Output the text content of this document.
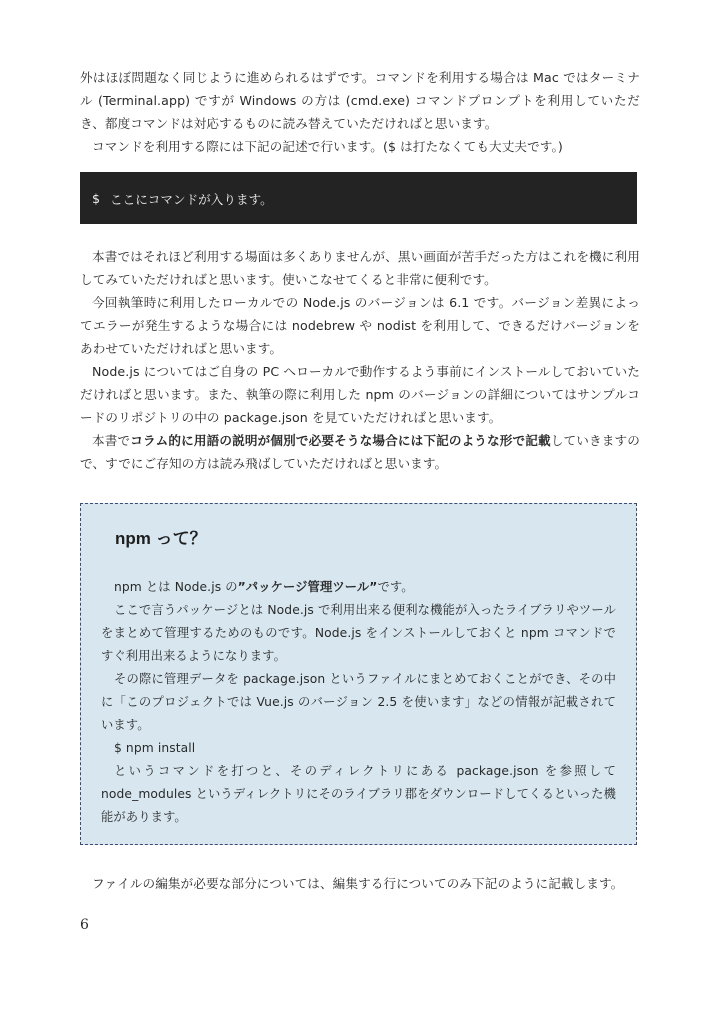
外はほぼ問題なく同じように進められるはずです。コマンドを利用する場合は Mac ではターミナル (Terminal.app) ですが Windows の方は (cmd.exe) コマンドプロンプトを利用していただき、都度コマンドは対応するものに読み替えていただければと思います。

コマンドを利用する際には下記の記述で行います。($ は打たなくても大丈夫です。)

$ ここにコマンドが入ります。

本書ではそれほど利用する場面は多くありませんが、黒い画面が苦手だった方はこれを機に利用してみていただければと思います。使いこなせてくると非常に便利です。

今回執筆時に利用したローカルでの Node.js のバージョンは 6.1 です。バージョン差異によってエラーが発生するような場合には nodebrew や nodist を利用して、できるだけバージョンをあわせていただければと思います。

Node.js についてはご自身の PC へローカルで動作するよう事前にインストールしておいていただければと思います。また、執筆の際に利用した npm のバージョンの詳細についてはサンプルコードのリポジトリの中の package.json を見ていただければと思います。

本書でコラム的に用語の説明が個別で必要そうな場合には下記のような形で記載していきますので、すでにご存知の方は読み飛ばしていただければと思います。

npm って？

npm とは Node.js の”パッケージ管理ツール”です。

ここで言うパッケージとは Node.js で利用出来る便利な機能が入ったライブラリやツールをまとめて管理するためのものです。Node.js をインストールしておくと npm コマンドですぐ利用出来るようになります。

その際に管理データを package.json というファイルにまとめておくことができ、その中に「このプロジェクトでは Vue.js のバージョン 2.5 を使います」などの情報が記載されています。

$ npm install

というコマンドを打つと、そのディレクトリにある package.json を参照して node_modules というディレクトリにそのライブラリ郡をダウンロードしてくるといった機能があります。

ファイルの編集が必要な部分については、編集する行についてのみ下記のように記載します。

6
